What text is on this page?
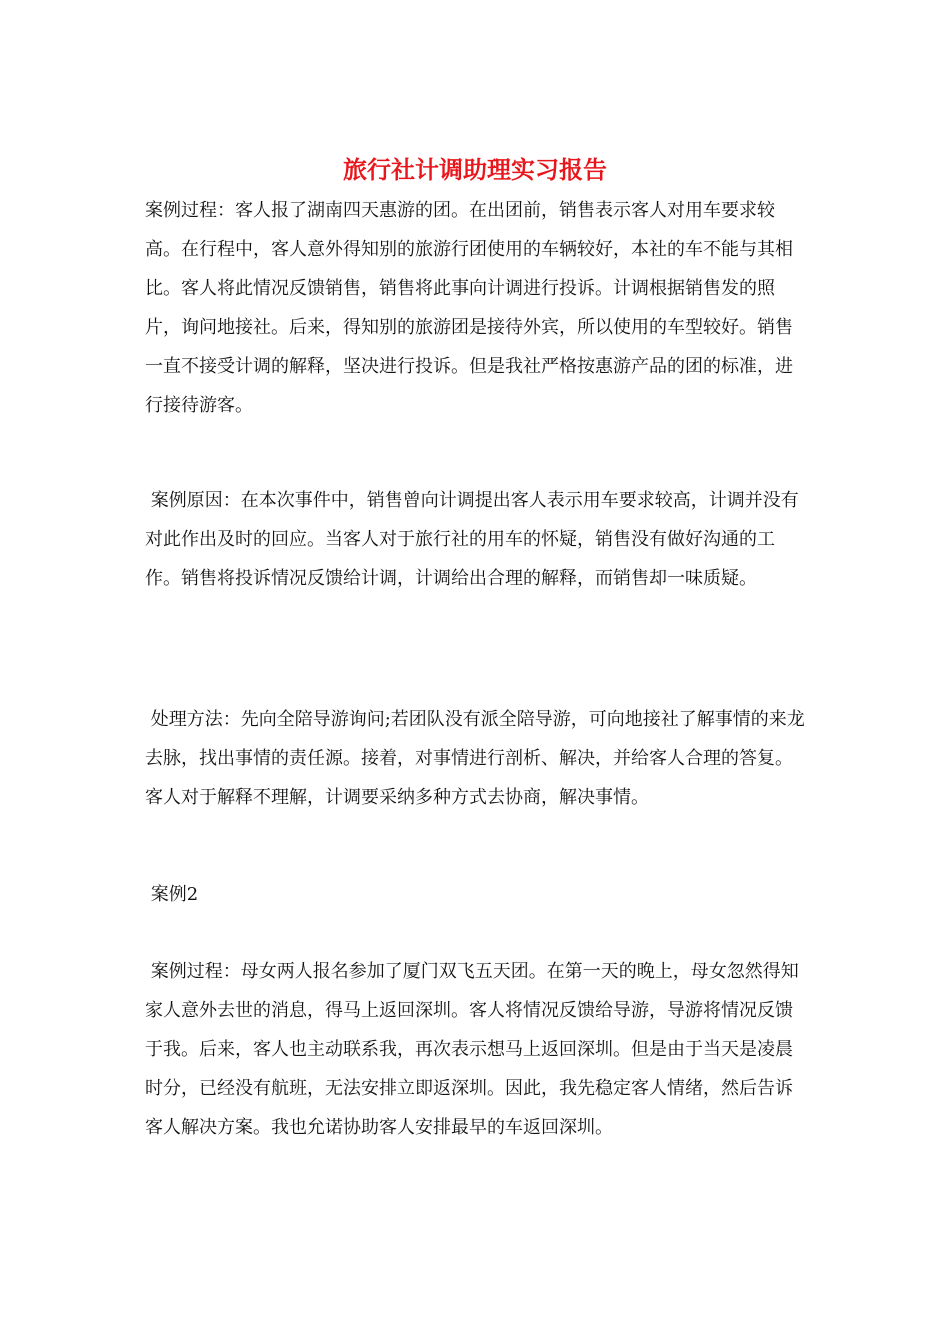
旅行社计调助理实习报告

案例过程：客人报了湖南四天惠游的团。在出团前，销售表示客人对用车要求较高。在行程中，客人意外得知别的旅游行团使用的车辆较好，本社的车不能与其相比。客人将此情况反馈销售，销售将此事向计调进行投诉。计调根据销售发的照片，询问地接社。后来，得知别的旅游团是接待外宾，所以使用的车型较好。销售一直不接受计调的解释，坚决进行投诉。但是我社严格按惠游产品的团的标准，进行接待游客。

案例原因：在本次事件中，销售曾向计调提出客人表示用车要求较高，计调并没有对此作出及时的回应。当客人对于旅行社的用车的怀疑，销售没有做好沟通的工作。销售将投诉情况反馈给计调，计调给出合理的解释，而销售却一味质疑。

处理方法：先向全陪导游询问;若团队没有派全陪导游，可向地接社了解事情的来龙去脉，找出事情的责任源。接着，对事情进行剖析、解决，并给客人合理的答复。客人对于解释不理解，计调要采纳多种方式去协商，解决事情。

案例2

案例过程：母女两人报名参加了厦门双飞五天团。在第一天的晚上，母女忽然得知家人意外去世的消息，得马上返回深圳。客人将情况反馈给导游，导游将情况反馈于我。后来，客人也主动联系我，再次表示想马上返回深圳。但是由于当天是凌晨时分，已经没有航班，无法安排立即返深圳。因此，我先稳定客人情绪，然后告诉客人解决方案。我也允诺协助客人安排最早的车返回深圳。
